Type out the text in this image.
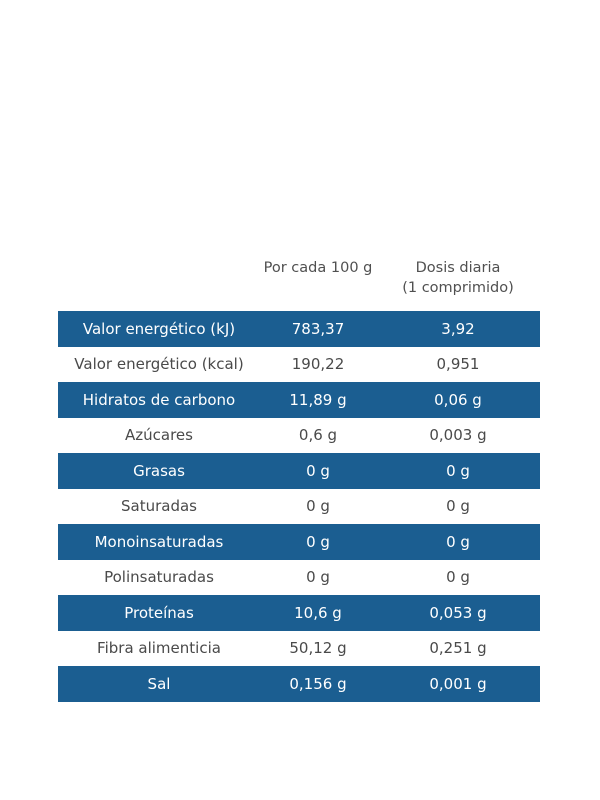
	Por cada 100 g	Dosis diaria
(1 comprimido)
Valor energético (kJ)	783,37	3,92
Valor energético (kcal)	190,22	0,951
Hidratos de carbono	11,89 g	0,06 g
Azúcares	0,6 g	0,003 g
Grasas	0 g	0 g
Saturadas	0 g	0 g
Monoinsaturadas	0 g	0 g
Polinsaturadas	0 g	0 g
Proteínas	10,6 g	0,053 g
Fibra alimenticia	50,12 g	0,251 g
Sal	0,156 g	0,001 g
